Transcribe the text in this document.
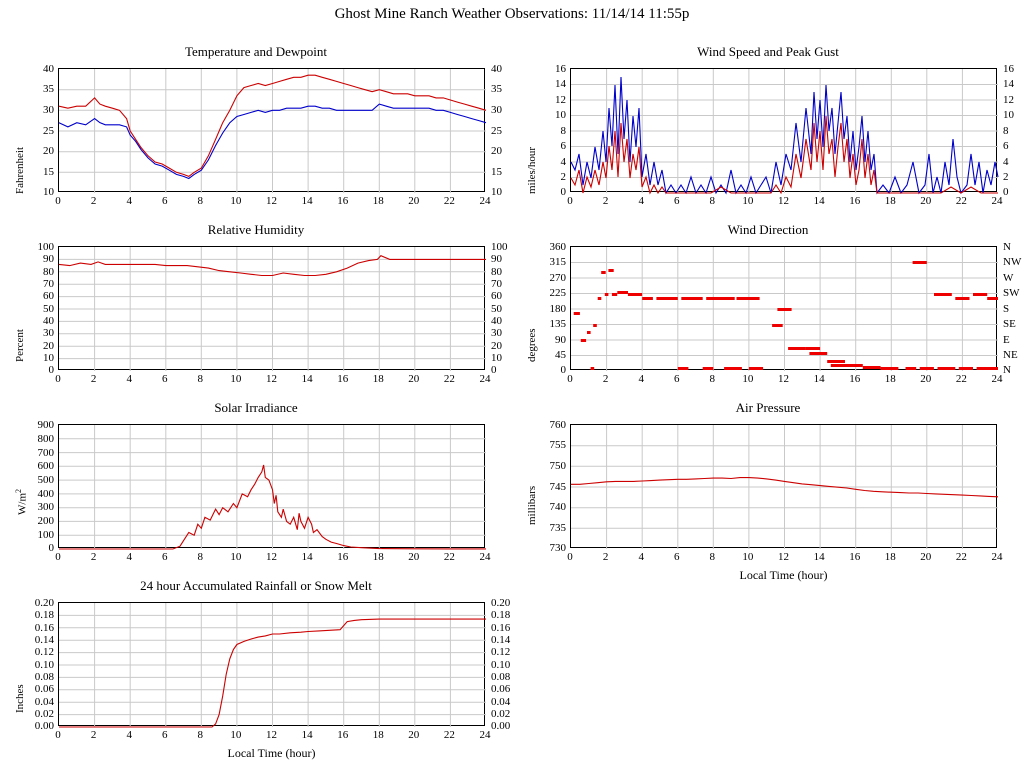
Ghost Mine Ranch Weather Observations: 11/14/14 11:55p
Temperature and Dewpoint
Fahrenheit
40
35
30
25
20
15
10
40
35
30
25
20
15
10
0	2	4	6	8	10	12	14	16	18	20	22	24
Wind Speed and Peak Gust
miles/hour
16
14
12
10
8
6
4
2
0
16
14
12
10
8
6
4
2
0
0	2	4	6	8	10	12	14	16	18	20	22	24
Relative Humidity
Percent
100
90
80
70
60
50
40
30
20
10
0
100
90
80
70
60
50
40
30
20
10
0
0	2	4	6	8	10	12	14	16	18	20	22	24
Wind Direction
degrees
360
315
270
225
180
135
90
45
0
N
NW
W
SW
S
SE
E
NE
N
0	2	4	6	8	10	12	14	16	18	20	22	24
Solar Irradiance
$W/m^2$
900
800
700
600
500
400
300
200
100
0
0	2	4	6	8	10	12	14	16	18	20	22	24
Air Pressure
millibars
760
755
750
745
740
735
730
0	2	4	6	8	10	12	14	16	18	20	22	24
Local Time (hour)
24 hour Accumulated Rainfall or Snow Melt
Inches
0.20
0.18
0.16
0.14
0.12
0.10
0.08
0.06
0.04
0.02
0.00
0.20
0.18
0.16
0.14
0.12
0.10
0.08
0.06
0.04
0.02
0.00
0	2	4	6	8	10	12	14	16	18	20	22	24
Local Time (hour)
